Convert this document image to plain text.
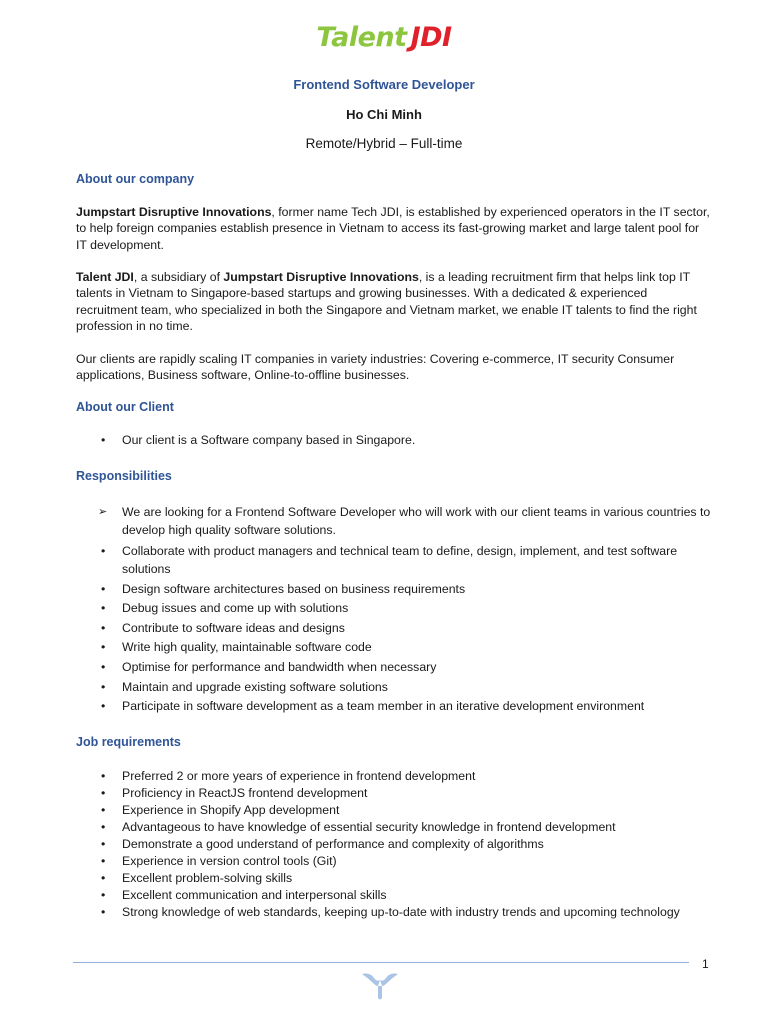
Talent JDI
Frontend Software Developer
Ho Chi Minh
Remote/Hybrid – Full-time
About our company

Jumpstart Disruptive Innovations, former name Tech JDI, is established by experienced operators in the IT sector, to help foreign companies establish presence in Vietnam to access its fast-growing market and large talent pool for IT development.

Talent JDI, a subsidiary of Jumpstart Disruptive Innovations, is a leading recruitment firm that helps link top IT talents in Vietnam to Singapore-based startups and growing businesses. With a dedicated & experienced recruitment team, who specialized in both the Singapore and Vietnam market, we enable IT talents to find the right profession in no time.

Our clients are rapidly scaling IT companies in variety industries: Covering e-commerce, IT security Consumer applications, Business software, Online-to-offline businesses.

About our Client
• Our client is a Software company based in Singapore.
Responsibilities
➢ We are looking for a Frontend Software Developer who will work with our client teams in various countries to develop high quality software solutions.
• Collaborate with product managers and technical team to define, design, implement, and test software solutions
• Design software architectures based on business requirements
• Debug issues and come up with solutions
• Contribute to software ideas and designs
• Write high quality, maintainable software code
• Optimise for performance and bandwidth when necessary
• Maintain and upgrade existing software solutions
• Participate in software development as a team member in an iterative development environment
Job requirements
• Preferred 2 or more years of experience in frontend development
• Proficiency in ReactJS frontend development
• Experience in Shopify App development
• Advantageous to have knowledge of essential security knowledge in frontend development
• Demonstrate a good understand of performance and complexity of algorithms
• Experience in version control tools (Git)
• Excellent problem-solving skills
• Excellent communication and interpersonal skills
• Strong knowledge of web standards, keeping up-to-date with industry trends and upcoming technology
1
